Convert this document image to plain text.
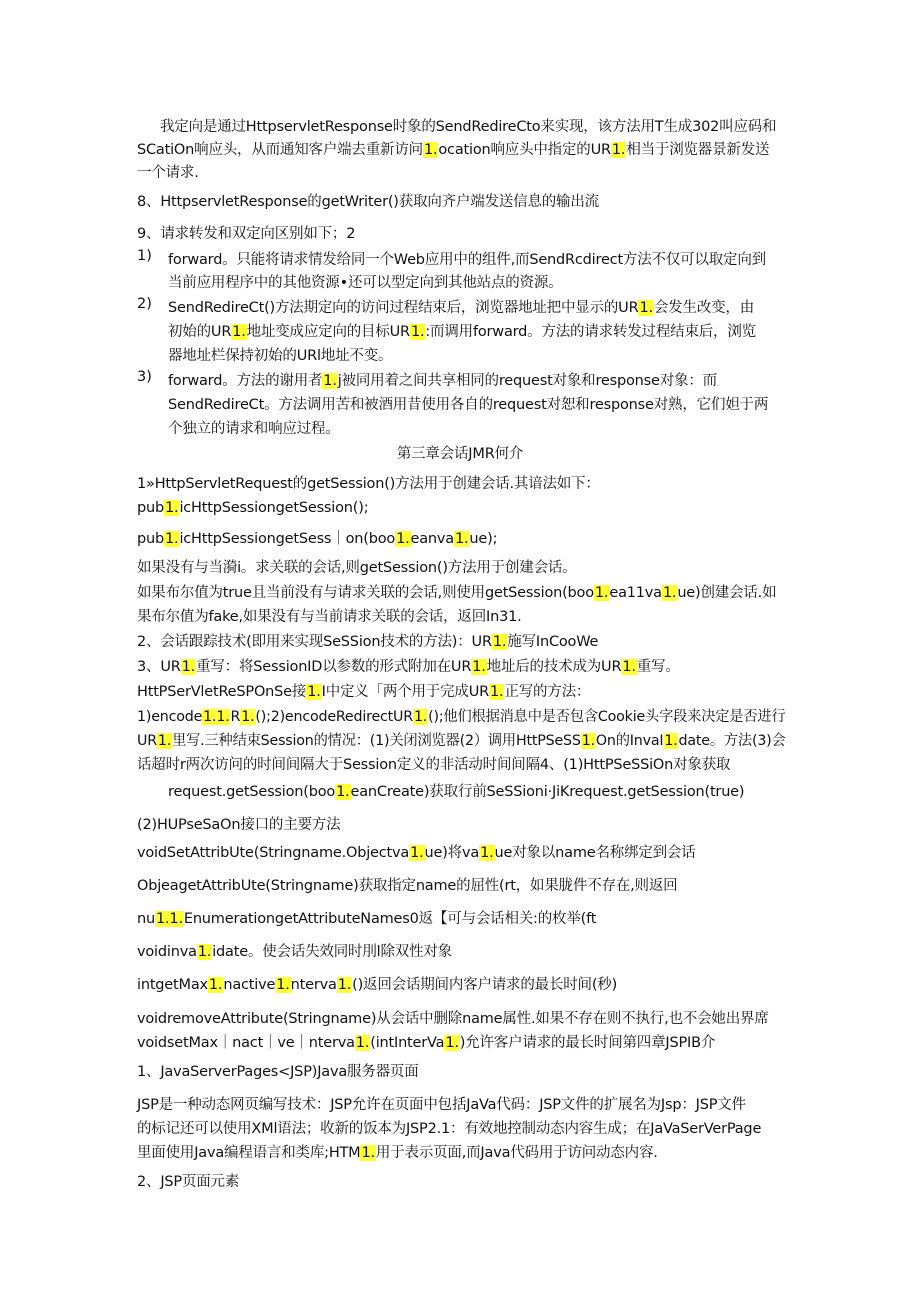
我定向是通过HttpservletResponse时象的SendRedireCto来实现，该方法用T生成302叫应码和
SCatiOn响应头，从而通知客户端去重新访问1.ocation响应头中指定的UR1.相当于浏览器景新发送
一个请求.
8、HttpservletResponse的getWriter()获取向齐户端发送信息的输出流
9、请求转发和双定向区别如下；2
1) forward。只能将请求情发给同一个Web应用中的组件,而SendRcdirect方法不仅可以取定向到
当前应用程序中的其他资源•还可以型定向到其他站点的资源。
2) SendRedireCt()方法期定向的访问过程结束后，浏览器地址把中显示的UR1.会发生改变，由
初始的UR1.地址变成应定向的目标UR1.:而调用forward。方法的请求转发过程结束后，浏览
器地址栏保持初始的URl地址不变。
3) forward。方法的谢用者1.j被同用着之间共享相同的request对象和response对象：而
SendRedireCt。方法调用苦和被酒用昔使用各自的request对恕和response对熟，它们妲于两
个独立的请求和响应过程。
第三章会话JMR何介
1»HttpServletRequest的getSession()方法用于创建会话.其谙法如下：
pub1.icHttpSessiongetSession();
pub1.icHttpSessiongetSess｜on(boo1.eanva1.ue);
如果没有与当漪i。求关联的会话,则getSession()方法用于创建会话。
如果布尔值为true且当前没有与请求关联的会话,则使用getSession(boo1.ea11va1.ue)创建会话.如
果布尔值为fake,如果没有与当前请求关联的会话，返回In31.
2、会话跟踪技术(即用来实现SeSSion技术的方法)：UR1.施写InCooWe
3、UR1.重写：将SessionID以参数的形式附加在UR1.地址后的技术成为UR1.重写。
HttPSerVletReSPOnSe接1.I中定义「两个用于完成UR1.正写的方法：
1)encode1.1.R1.();2)encodeRedirectUR1.();他们根据消息中是否包含Cookie头字段来决定是否进行
UR1.里写.三种结束Session的情况：(1)关闭浏览器(2）调用HttPSeSS1.On的InvaI1.date。方法(3)会
话超时r两次访问的时间间隔大于Session定义的非活动时间间隔4、(1)HttPSeSSiOn对象获取
request.getSession(boo1.eanCreate)获取行前SeSSioni·JiKrequest.getSession(true)
(2)HUPseSaOn接口的主要方法
voidSetAttribUte(Stringname.Objectva1.ue)将va1.ue对象以name名称绑定到会话
ObjeagetAttribUte(Stringname)获取指定name的屈性(rt，如果胧件不存在,则返回
nu1.1.EnumerationgetAttributeNames0返【可与会话相关:的枚举(ft
voidinva1.idate。使会话失效同时刖l除双性对象
intgetMax1.nactive1.nterva1.()返回会话期间内客户请求的最长时间(秒)
voidremoveAttribute(Stringname)从会话中删除name属性.如果不存在则不执行,也不会她出界席
voidsetMax｜nact｜ve｜nterva1.(intInterVa1.)允许客户请求的最长时间第四章JSPIB介
1、JavaServerPages<JSP)Java服务器页面
JSP是一种动态网页编写技术：JSP允许在页面中包括JaVa代码：JSP文件的扩展名为Jsp：JSP文件
的标记还可以使用XMl语法；收新的饭本为JSP2.1：有效地控制动态内容生成；在JaVaSerVerPage
里面使用Java编程语言和类库;HTM1.用于表示页面,而Java代码用于访问动态内容.
2、JSP页面元素
